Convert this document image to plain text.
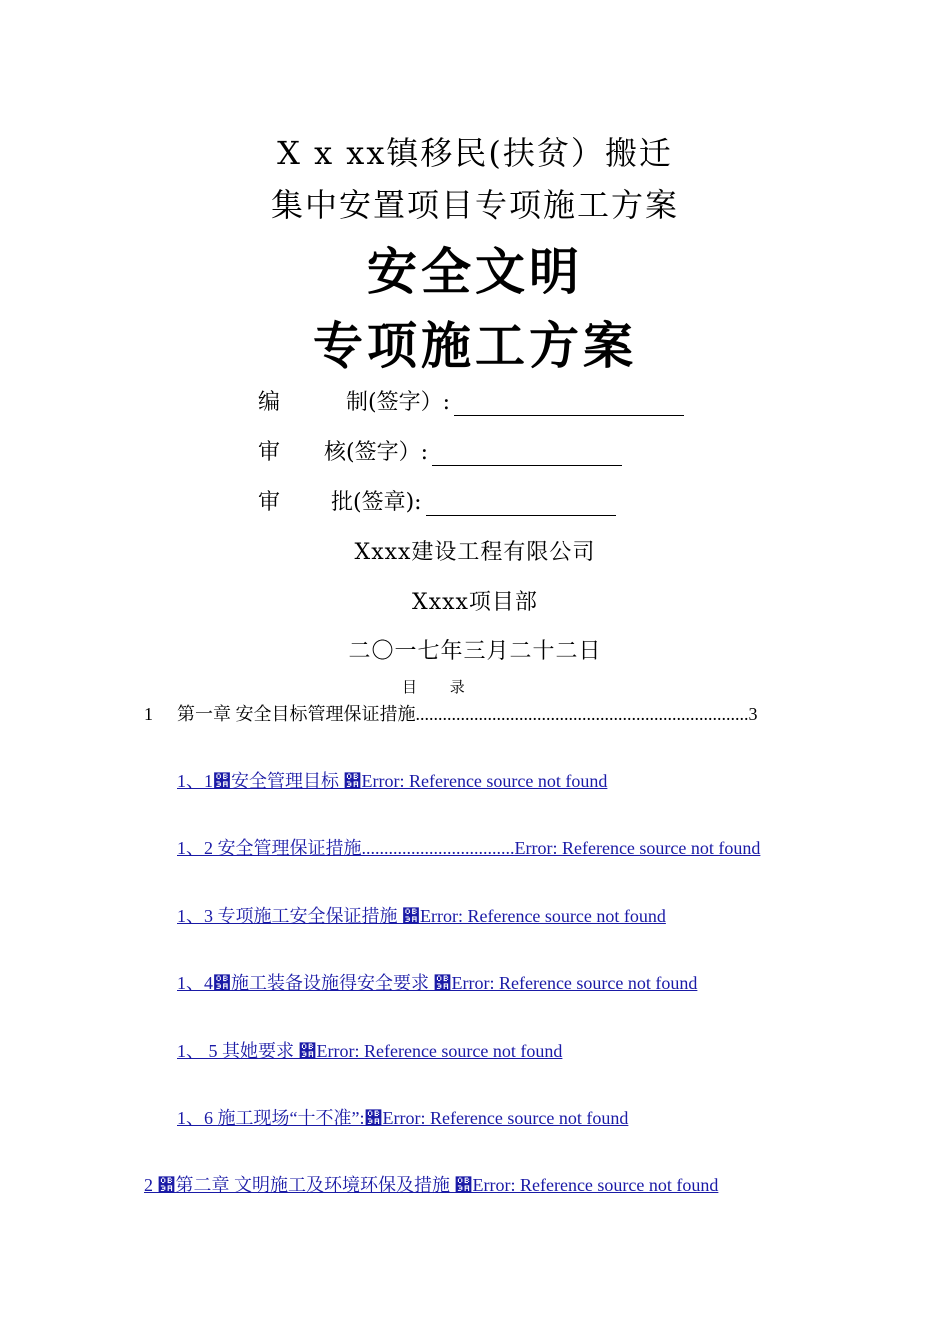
X x xx镇移民(扶贫）搬迁
集中安置项目专项施工方案
安全文明
专项施工方案
编　　　制(签字）:
审　　核(签字）:
审　　 批(签章):
Xxxx建设工程有限公司
Xxxx项目部
二〇一七年三月二十二日
目 录
1 第一章 安全目标管理保证措施..........................................................................3
1、1଺安全管理目标 ଺Error: Reference source not found
1、2 安全管理保证措施..................................Error: Reference source not found
1、3 专项施工安全保证措施 ଺Error: Reference source not found
1、4଺施工装备设施得安全要求 ଺Error: Reference source not found
1、 5 其她要求 ଺Error: Reference source not found
1、6 施工现场“十不准”:଺Error: Reference source not found
2 ଺第二章 文明施工及环境环保及措施 ଺Error: Reference source not found
